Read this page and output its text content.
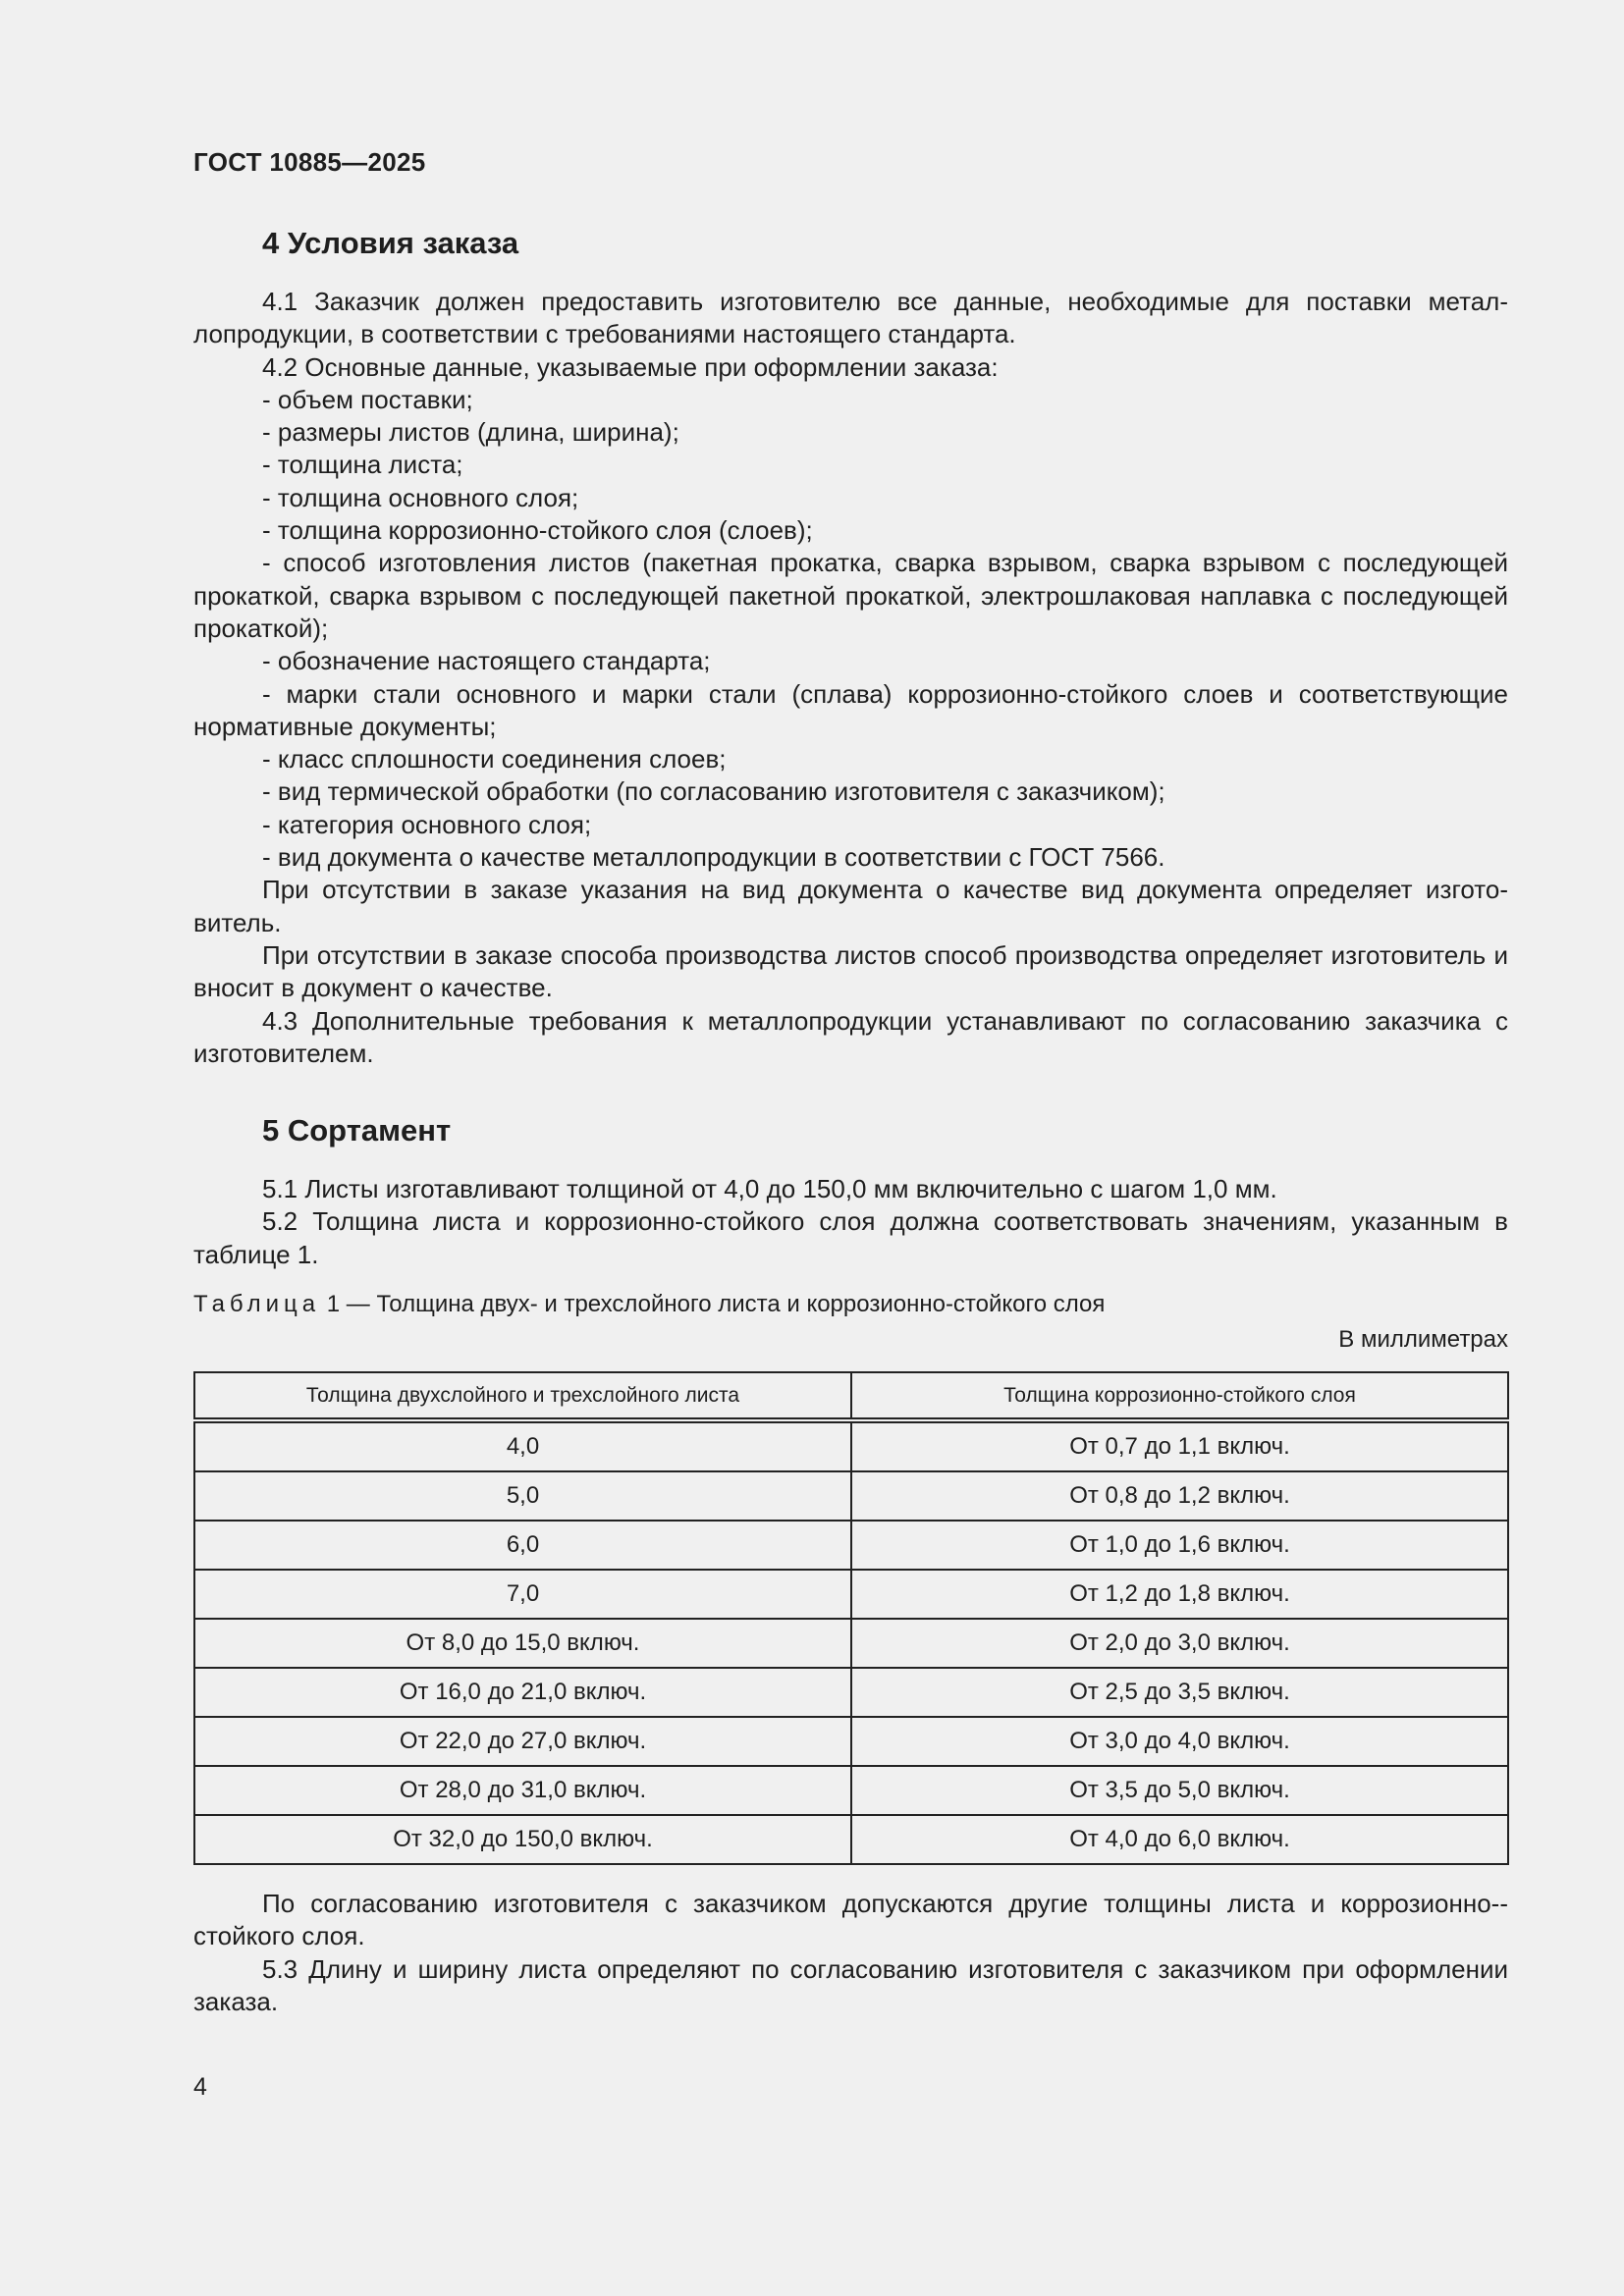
ГОСТ 10885—2025
4 Условия заказа

4.1 Заказчик должен предоставить изготовителю все данные, необходимые для поставки металлопродукции, в соответствии с требованиями настоящего стандарта.

4.2 Основные данные, указываемые при оформлении заказа:

- объем поставки;

- размеры листов (длина, ширина);

- толщина листа;

- толщина основного слоя;

- толщина коррозионно-стойкого слоя (слоев);

- способ изготовления листов (пакетная прокатка, сварка взрывом, сварка взрывом с последующей прокаткой, сварка взрывом с последующей пакетной прокаткой, электрошлаковая наплавка с последующей прокаткой);

- обозначение настоящего стандарта;

- марки стали основного и марки стали (сплава) коррозионно-стойкого слоев и соответствующие нормативные документы;

- класс сплошности соединения слоев;

- вид термической обработки (по согласованию изготовителя с заказчиком);

- категория основного слоя;

- вид документа о качестве металлопродукции в соответствии с ГОСТ 7566.

При отсутствии в заказе указания на вид документа о качестве вид документа определяет изготовитель.

При отсутствии в заказе способа производства листов способ производства определяет изготовитель и вносит в документ о качестве.

4.3 Дополнительные требования к металлопродукции устанавливают по согласованию заказчика с изготовителем.

5 Сортамент

5.1 Листы изготавливают толщиной от 4,0 до 150,0 мм включительно с шагом 1,0 мм.

5.2 Толщина листа и коррозионно-стойкого слоя должна соответствовать значениям, указанным в таблице 1.

Таблица 1 — Толщина двух- и трехслойного листа и коррозионно-стойкого слоя
В миллиметрах
Толщина двухслойного и трехслойного листа	Толщина коррозионно-стойкого слоя
4,0	От 0,7 до 1,1 включ.
5,0	От 0,8 до 1,2 включ.
6,0	От 1,0 до 1,6 включ.
7,0	От 1,2 до 1,8 включ.
От 8,0 до 15,0 включ.	От 2,0 до 3,0 включ.
От 16,0 до 21,0 включ.	От 2,5 до 3,5 включ.
От 22,0 до 27,0 включ.	От 3,0 до 4,0 включ.
От 28,0 до 31,0 включ.	От 3,5 до 5,0 включ.
От 32,0 до 150,0 включ.	От 4,0 до 6,0 включ.

По согласованию изготовителя с заказчиком допускаются другие толщины листа и коррозионно-стойкого слоя.

5.3 Длину и ширину листа определяют по согласованию изготовителя с заказчиком при оформлении заказа.

4
